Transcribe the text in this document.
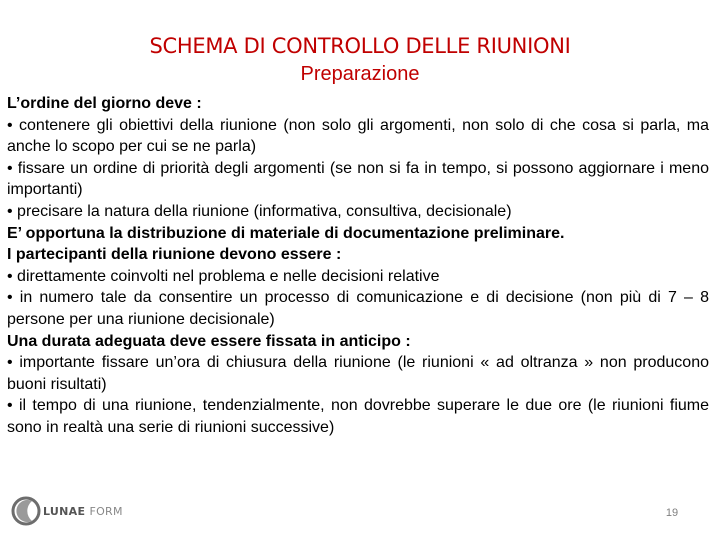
SCHEMA DI CONTROLLO DELLE RIUNIONI
Preparazione

L’ordine del giorno deve :

• contenere gli obiettivi della riunione (non solo gli argomenti, non solo di che cosa si parla, ma anche lo scopo per cui se ne parla)

• fissare un ordine di priorità degli argomenti (se non si fa in tempo, si possono aggiornare i meno importanti)

• precisare la natura della riunione (informativa, consultiva, decisionale)

E’ opportuna la distribuzione di materiale di documentazione preliminare.

I partecipanti della riunione devono essere :

• direttamente coinvolti nel problema e nelle decisioni relative

• in numero tale da consentire un processo di comunicazione e di decisione (non più di 7 – 8 persone per una riunione decisionale)

Una durata adeguata deve essere fissata in anticipo :

• importante fissare un’ora di chiusura della riunione (le riunioni « ad oltranza » non producono buoni risultati)

• il tempo di una riunione, tendenzialmente, non dovrebbe superare le due ore (le riunioni fiume sono in realtà una serie di riunioni successive)

LUNAE FORM	19
